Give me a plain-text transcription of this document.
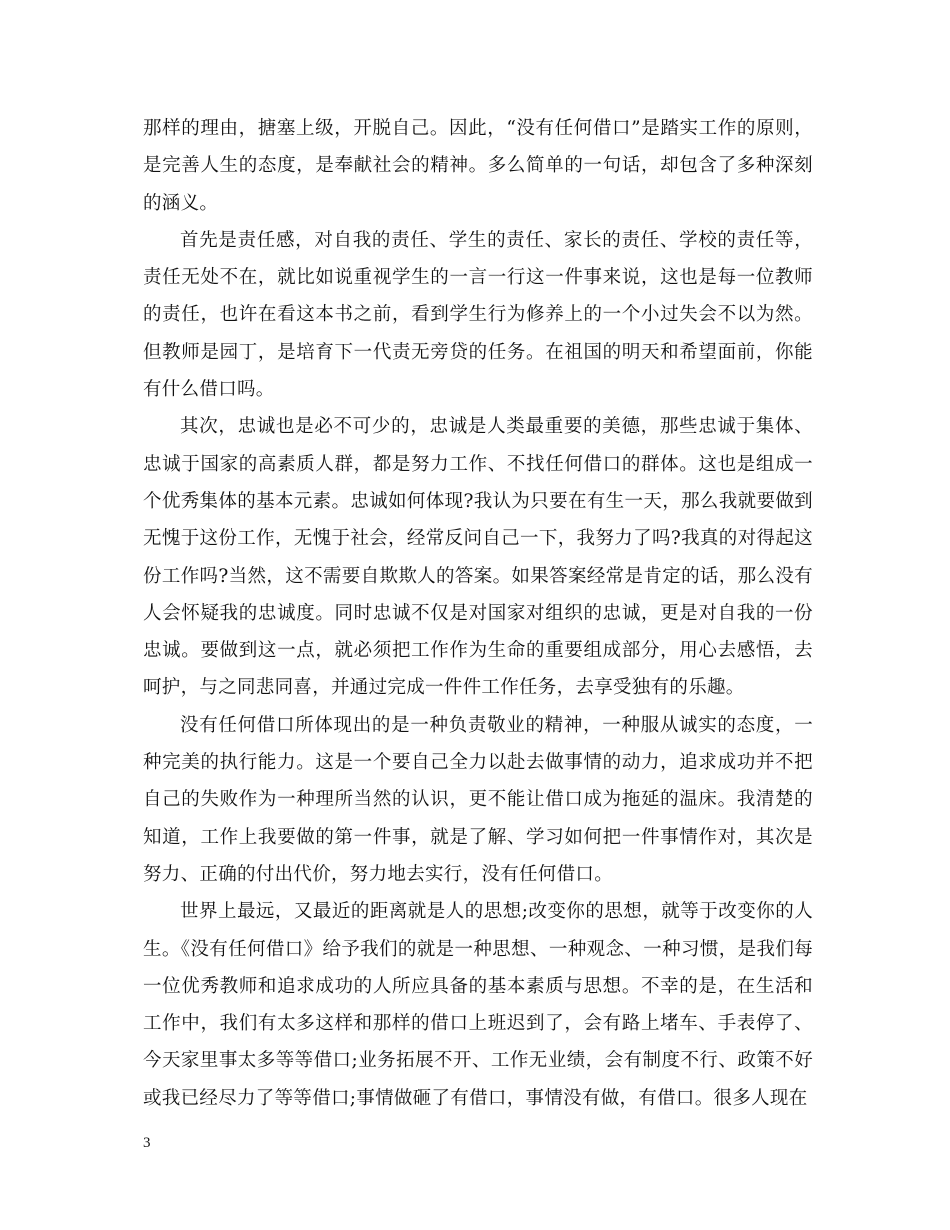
那样的理由，搪塞上级，开脱自己。因此，“没有任何借口”是踏实工作的原则，是完善人生的态度，是奉献社会的精神。多么简单的一句话，却包含了多种深刻的涵义。

首先是责任感，对自我的责任、学生的责任、家长的责任、学校的责任等，责任无处不在，就比如说重视学生的一言一行这一件事来说，这也是每一位教师的责任，也许在看这本书之前，看到学生行为修养上的一个小过失会不以为然。但教师是园丁，是培育下一代责无旁贷的任务。在祖国的明天和希望面前，你能有什么借口吗。

其次，忠诚也是必不可少的，忠诚是人类最重要的美德，那些忠诚于集体、忠诚于国家的高素质人群，都是努力工作、不找任何借口的群体。这也是组成一个优秀集体的基本元素。忠诚如何体现?我认为只要在有生一天，那么我就要做到无愧于这份工作，无愧于社会，经常反问自己一下，我努力了吗?我真的对得起这份工作吗?当然，这不需要自欺欺人的答案。如果答案经常是肯定的话，那么没有人会怀疑我的忠诚度。同时忠诚不仅是对国家对组织的忠诚，更是对自我的一份忠诚。要做到这一点，就必须把工作作为生命的重要组成部分，用心去感悟，去呵护，与之同悲同喜，并通过完成一件件工作任务，去享受独有的乐趣。

没有任何借口所体现出的是一种负责敬业的精神，一种服从诚实的态度，一种完美的执行能力。这是一个要自己全力以赴去做事情的动力，追求成功并不把自己的失败作为一种理所当然的认识，更不能让借口成为拖延的温床。我清楚的知道，工作上我要做的第一件事，就是了解、学习如何把一件事情作对，其次是努力、正确的付出代价，努力地去实行，没有任何借口。

世界上最远，又最近的距离就是人的思想;改变你的思想，就等于改变你的人生。《没有任何借口》给予我们的就是一种思想、一种观念、一种习惯，是我们每一位优秀教师和追求成功的人所应具备的基本素质与思想。不幸的是，在生活和工作中，我们有太多这样和那样的借口上班迟到了，会有路上堵车、手表停了、今天家里事太多等等借口;业务拓展不开、工作无业绩，会有制度不行、政策不好或我已经尽力了等等借口;事情做砸了有借口，事情没有做，有借口。很多人现在

3
